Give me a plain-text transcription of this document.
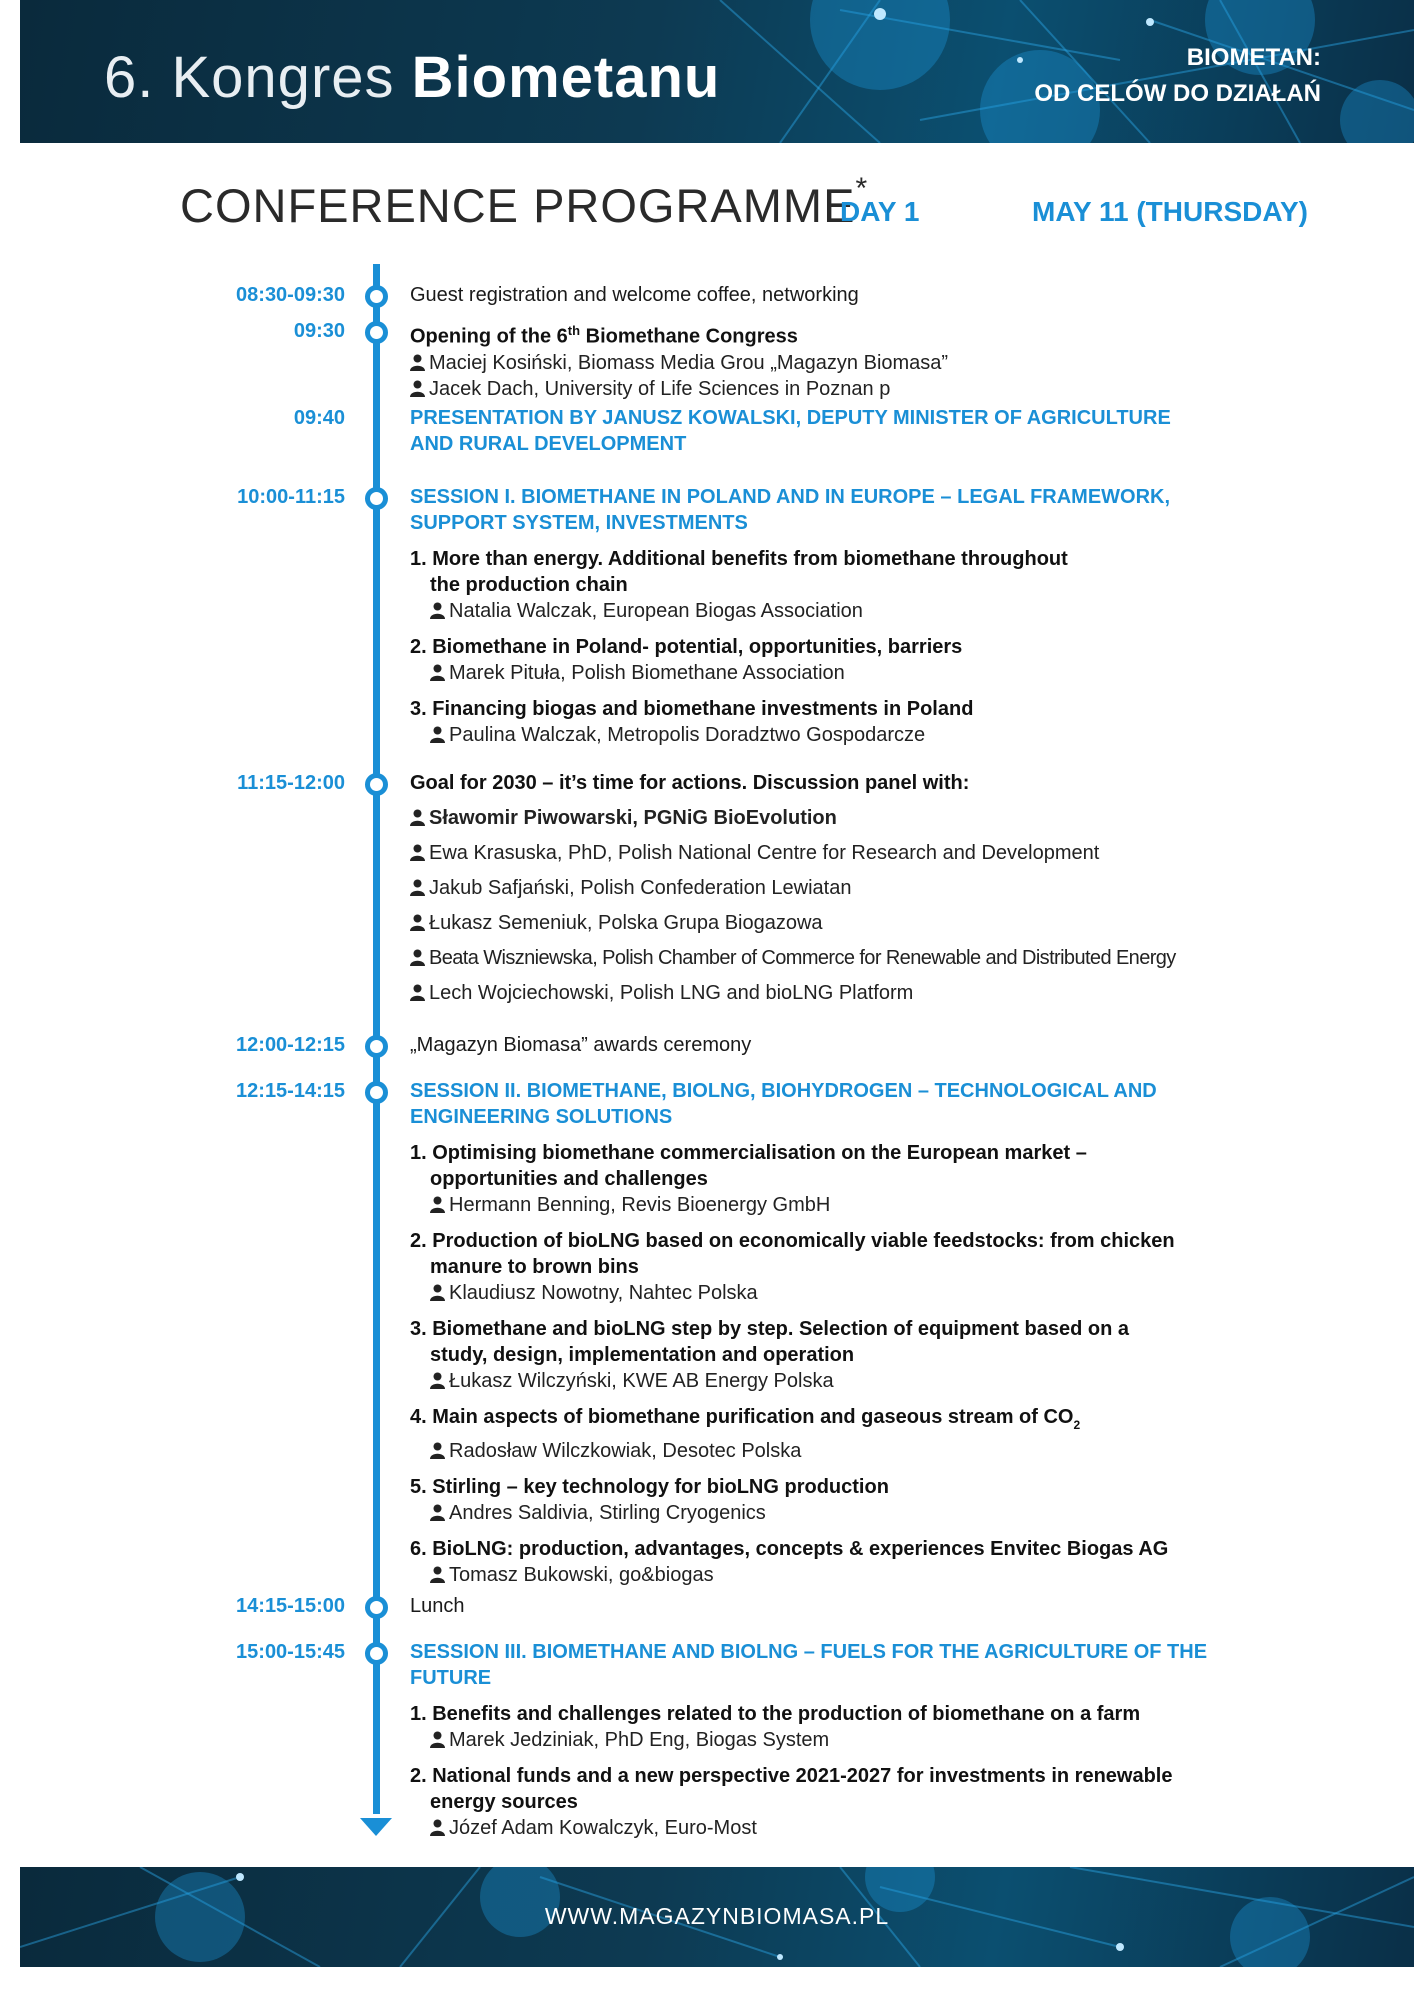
6. Kongres Biometanu	BIOMETAN:
OD CELÓW DO DZIAŁAŃ
CONFERENCE PROGRAMME*
DAY 1	MAY 11 (THURSDAY)
08:30-09:30	Guest registration and welcome coffee, networking
09:30	Opening of the 6th Biomethane Congress
Maciej Kosiński, Biomass Media Grou „Magazyn Biomasa”
Jacek Dach, University of Life Sciences in Poznan p
09:40	PRESENTATION BY JANUSZ KOWALSKI, DEPUTY MINISTER OF AGRICULTURE
AND RURAL DEVELOPMENT
10:00-11:15	SESSION I. BIOMETHANE IN POLAND AND IN EUROPE – LEGAL FRAMEWORK,
SUPPORT SYSTEM, INVESTMENTS
1. More than energy. Additional benefits from biomethane throughout
the production chain
Natalia Walczak, European Biogas Association
2. Biomethane in Poland- potential, opportunities, barriers
Marek Pituła, Polish Biomethane Association
3. Financing biogas and biomethane investments in Poland
Paulina Walczak, Metropolis Doradztwo Gospodarcze
11:15-12:00	Goal for 2030 – it’s time for actions. Discussion panel with:
Sławomir Piwowarski, PGNiG BioEvolution
Ewa Krasuska, PhD, Polish National Centre for Research and Development
Jakub Safjański, Polish Confederation Lewiatan
Łukasz Semeniuk, Polska Grupa Biogazowa
Beata Wiszniewska, Polish Chamber of Commerce for Renewable and Distributed Energy
Lech Wojciechowski, Polish LNG and bioLNG Platform
12:00-12:15	„Magazyn Biomasa” awards ceremony
12:15-14:15	SESSION II. BIOMETHANE, BIOLNG, BIOHYDROGEN – TECHNOLOGICAL AND
ENGINEERING SOLUTIONS
1. Optimising biomethane commercialisation on the European market –
opportunities and challenges
Hermann Benning, Revis Bioenergy GmbH
2. Production of bioLNG based on economically viable feedstocks: from chicken
manure to brown bins
Klaudiusz Nowotny, Nahtec Polska
3. Biomethane and bioLNG step by step. Selection of equipment based on a
study, design, implementation and operation
Łukasz Wilczyński, KWE AB Energy Polska
4. Main aspects of biomethane purification and gaseous stream of $CO_2$
Radosław Wilczkowiak, Desotec Polska
5. Stirling – key technology for bioLNG production
Andres Saldivia, Stirling Cryogenics
6. BioLNG: production, advantages, concepts & experiences Envitec Biogas AG
Tomasz Bukowski, go&biogas
14:15-15:00	Lunch
15:00-15:45	SESSION III. BIOMETHANE AND BIOLNG – FUELS FOR THE AGRICULTURE OF THE
FUTURE
1. Benefits and challenges related to the production of biomethane on a farm
Marek Jedziniak, PhD Eng, Biogas System
2. National funds and a new perspective 2021-2027 for investments in renewable
energy sources
Józef Adam Kowalczyk, Euro-Most
WWW.MAGAZYNBIOMASA.PL
